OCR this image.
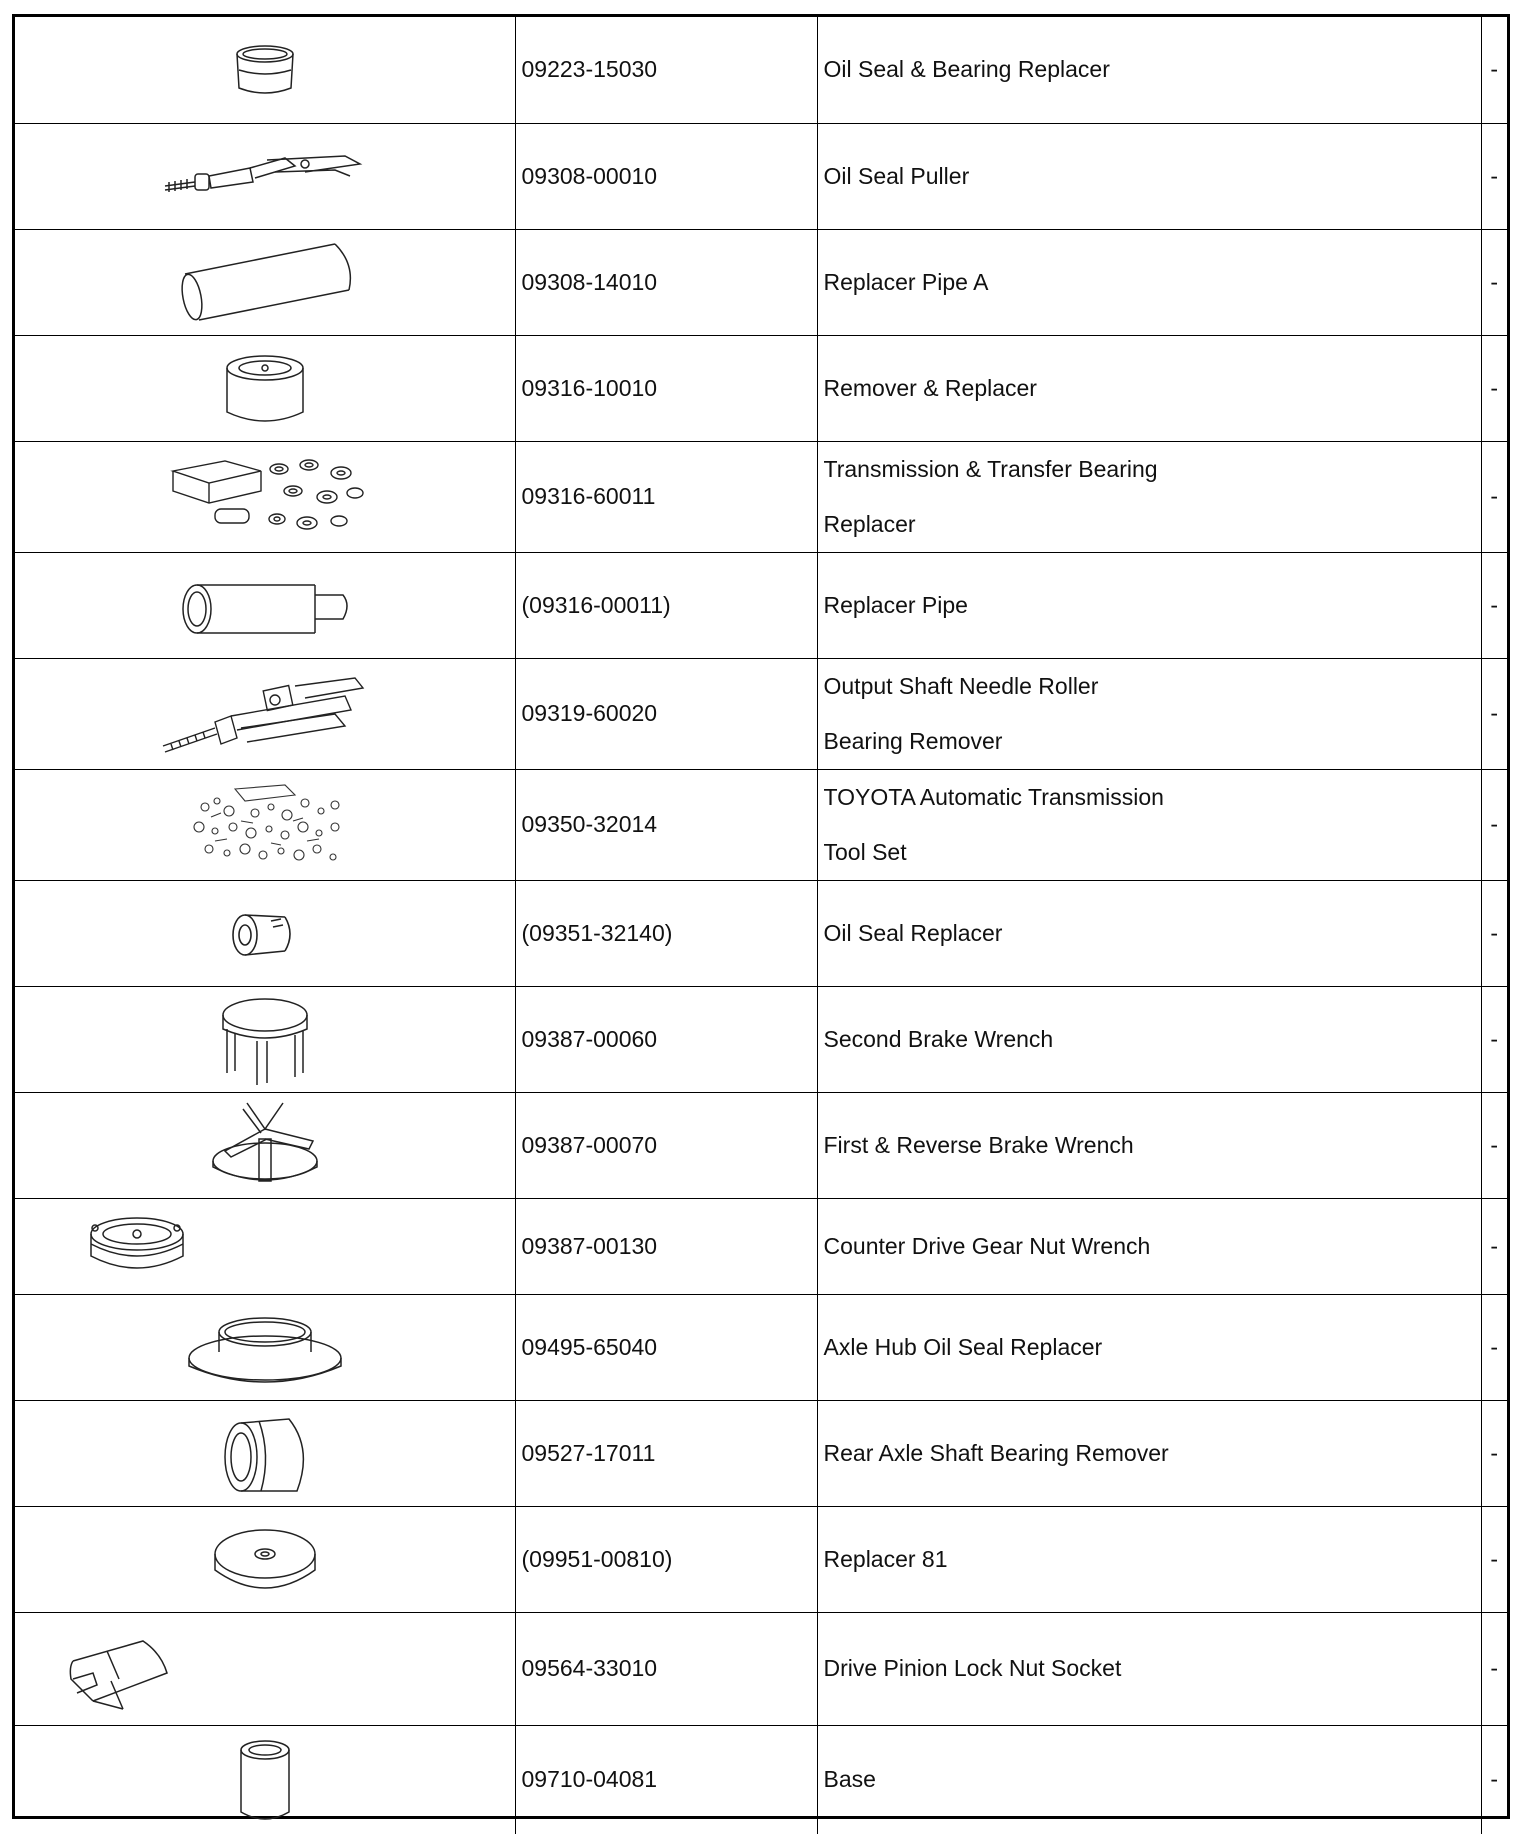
	09223-15030	Oil Seal & Bearing Replacer	-

	09308-00010	Oil Seal Puller	-

	09308-14010	Replacer Pipe A	-

	09316-10010	Remover & Replacer	-

	09316-60011	Transmission & Transfer Bearing
Replacer	-

	(09316-00011)	Replacer Pipe	-

	09319-60020	Output Shaft Needle Roller
Bearing Remover	-

	09350-32014	TOYOTA Automatic Transmission
Tool Set	-

	(09351-32140)	Oil Seal Replacer	-

	09387-00060	Second Brake Wrench	-

	09387-00070	First & Reverse Brake Wrench	-

	09387-00130	Counter Drive Gear Nut Wrench	-

	09495-65040	Axle Hub Oil Seal Replacer	-

	09527-17011	Rear Axle Shaft Bearing Remover	-

	(09951-00810)	Replacer 81	-

	09564-33010	Drive Pinion Lock Nut Socket	-

	09710-04081	Base	-
